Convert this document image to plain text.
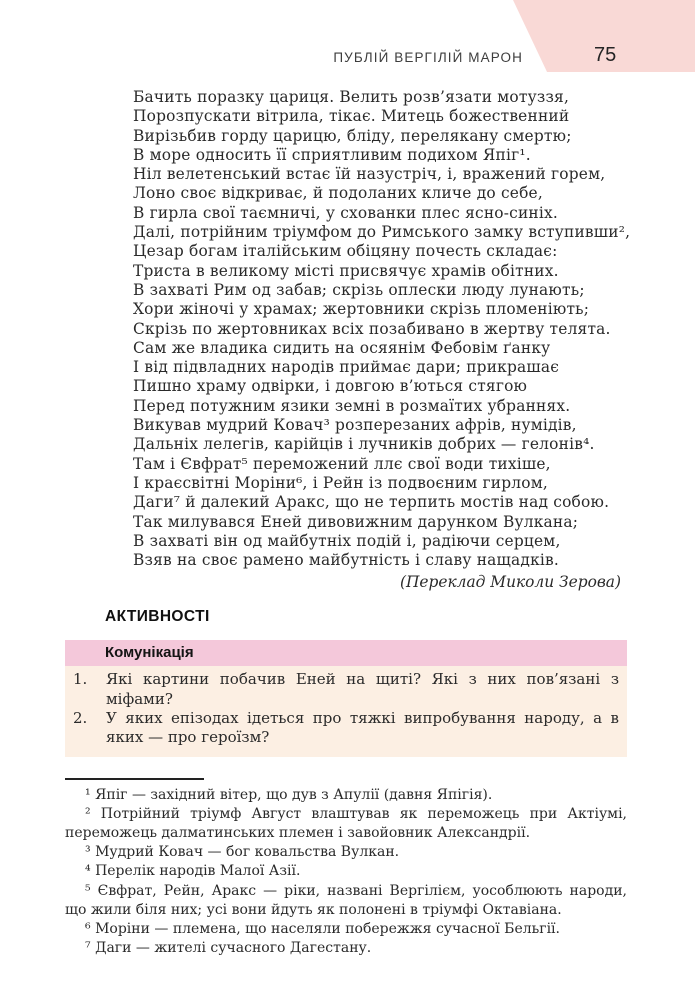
ПУБЛІЙ ВЕРГІЛІЙ МАРОН	75
Бачить поразку цариця. Велить розв’язати мотуззя,
Порозпускати вітрила, тікає. Митець божественний
Вирізьбив горду царицю, бліду, перелякану смертю;
В море односить її сприятливим подихом Япіг¹.
Ніл велетенський встає їй назустріч, і, вражений горем,
Лоно своє відкриває, й подоланих кличе до себе,
В гирла свої таємничі, у схованки плес ясно-синіх.
Далі, потрійним тріумфом до Римського замку вступивши²,
Цезар богам італійським обіцяну почесть складає:
Триста в великому місті присвячує храмів обітних.
В захваті Рим од забав; скрізь оплески люду лунають;
Хори жіночі у храмах; жертовники скрізь пломеніють;
Скрізь по жертовниках всіх позабивано в жертву телята.
Сам же владика сидить на осяянім Фебовім ґанку
І від підвладних народів приймає дари; прикрашає
Пишно храму одвірки, і довгою в’ються стягою
Перед потужним язики земні в розмаїтих убраннях.
Викував мудрий Ковач³ розперезаних афрів, нумідів,
Дальніх лелегів, карійців і лучників добрих — гелонів⁴.
Там і Євфрат⁵ переможений ллє свої води тихіше,
І краєсвітні Моріни⁶, і Рейн із подвоєним гирлом,
Даги⁷ й далекий Аракс, що не терпить мостів над собою.
Так милувався Еней дивовижним дарунком Вулкана;
В захваті він од майбутніх подій і, радіючи серцем,
Взяв на своє рамено майбутність і славу нащадків.
(Переклад Миколи Зерова)
АКТИВНОСТІ
Комунікація
1.	Які картини побачив Еней на щиті? Які з них пов’язані з міфами?
2.	У яких епізодах ідеться про тяжкі випробування народу, а в яких — про героїзм?

¹ Япіг — західний вітер, що дув з Апулії (давня Япігія).

² Потрійний тріумф Август влаштував як переможець при Актіумі, переможець далматинських племен і завойовник Александрії.

³ Мудрий Ковач — бог ковальства Вулкан.

⁴ Перелік народів Малої Азії.

⁵ Євфрат, Рейн, Аракс — ріки, названі Вергілієм, уособлюють народи, що жили біля них; усі вони йдуть як полонені в тріумфі Октавіана.

⁶ Моріни — племена, що населяли побережжя сучасної Бельгії.

⁷ Даги — жителі сучасного Дагестану.
